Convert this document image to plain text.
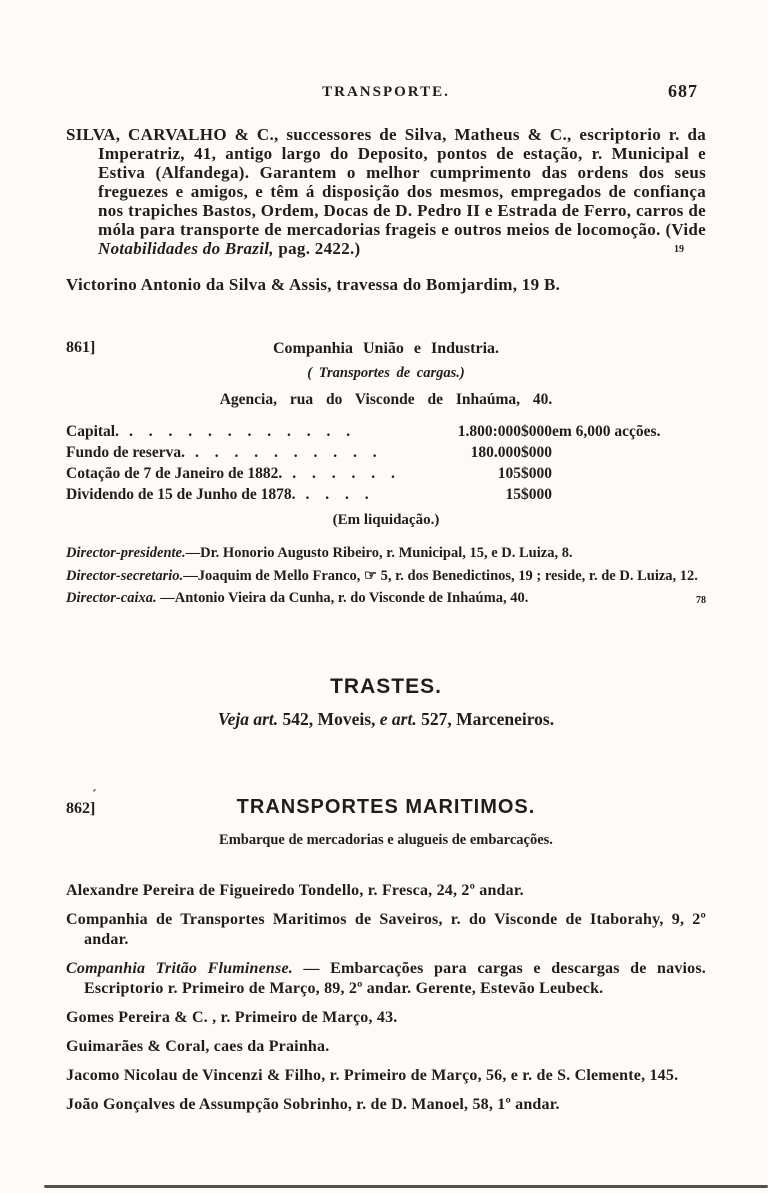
TRANSPORTE.	687

SILVA, CARVALHO & C., successores de Silva, Matheus & C., escriptorio r. da Imperatriz, 41, antigo largo do Deposito, pontos de estação, r. Municipal e Estiva (Alfandega). Garantem o melhor cumprimento das ordens dos seus freguezes e amigos, e têm á disposição dos mesmos, empregados de confiança nos trapiches Bastos, Ordem, Docas de D. Pedro II e Estrada de Ferro, carros de móla para transporte de mercadorias frageis e outros meios de locomoção. (Vide Notabilidades do Brazil, pag. 2422.)	19

Victorino Antonio da Silva & Assis, travessa do Bomjardim, 19 B.

861]	Companhia União e Industria.
( Transportes de cargas.)
Agencia, rua do Visconde de Inhaúma, 40.
Capital. . . . . . . . . . . . .	1.800:000$000 em 6,000 acções.
Fundo de reserva. . . . . . . . . . .	180.000$000
Cotação de 7 de Janeiro de 1882. . . . . . .	105$000
Dividendo de 15 de Junho de 1878. . . . .	15$000
(Em liquidação.)

Director-presidente.—Dr. Honorio Augusto Ribeiro, r. Municipal, 15, e D. Luiza, 8.

Director-secretario.—Joaquim de Mello Franco, ☞ 5, r. dos Benedictinos, 19 ; reside, r. de D. Luiza, 12.

Director-caixa. —Antonio Vieira da Cunha, r. do Visconde de Inhaúma, 40.	78

TRASTES.

Veja art. 542, Moveis, e art. 527, Marceneiros.

´
862]	TRANSPORTES MARITIMOS.

Embarque de mercadorias e alugueis de embarcações.

Alexandre Pereira de Figueiredo Tondello, r. Fresca, 24, 2º andar.

Companhia de Transportes Maritimos de Saveiros, r. do Visconde de Itaborahy, 9, 2º andar.

Companhia Tritão Fluminense. — Embarcações para cargas e descargas de navios. Escriptorio r. Primeiro de Março, 89, 2º andar. Gerente, Estevão Leubeck.

Gomes Pereira & C. , r. Primeiro de Março, 43.

Guimarães & Coral, caes da Prainha.

Jacomo Nicolau de Vincenzi & Filho, r. Primeiro de Março, 56, e r. de S. Clemente, 145.

João Gonçalves de Assumpção Sobrinho, r. de D. Manoel, 58, 1º andar.
